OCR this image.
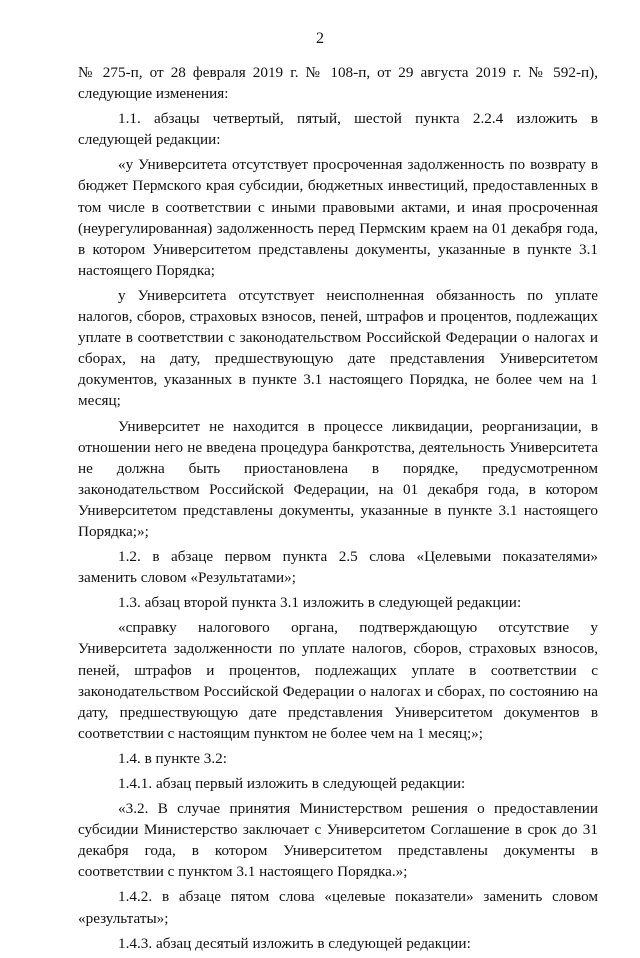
2

№ 275-п, от 28 февраля 2019 г. № 108-п, от 29 августа 2019 г. № 592-п), следующие изменения:

1.1. абзацы четвертый, пятый, шестой пункта 2.2.4 изложить в следующей редакции:

«у Университета отсутствует просроченная задолженность по возврату в бюджет Пермского края субсидии, бюджетных инвестиций, предоставленных в том числе в соответствии с иными правовыми актами, и иная просроченная (неурегулированная) задолженность перед Пермским краем на 01 декабря года, в котором Университетом представлены документы, указанные в пункте 3.1 настоящего Порядка;

у Университета отсутствует неисполненная обязанность по уплате налогов, сборов, страховых взносов, пеней, штрафов и процентов, подлежащих уплате в соответствии с законодательством Российской Федерации о налогах и сборах, на дату, предшествующую дате представления Университетом документов, указанных в пункте 3.1 настоящего Порядка, не более чем на 1 месяц;

Университет не находится в процессе ликвидации, реорганизации, в отношении него не введена процедура банкротства, деятельность Университета не должна быть приостановлена в порядке, предусмотренном законодательством Российской Федерации, на 01 декабря года, в котором Университетом представлены документы, указанные в пункте 3.1 настоящего Порядка;»;

1.2. в абзаце первом пункта 2.5 слова «Целевыми показателями» заменить словом «Результатами»;

1.3. абзац второй пункта 3.1 изложить в следующей редакции:

«справку налогового органа, подтверждающую отсутствие у Университета задолженности по уплате налогов, сборов, страховых взносов, пеней, штрафов и процентов, подлежащих уплате в соответствии с законодательством Российской Федерации о налогах и сборах, по состоянию на дату, предшествующую дате представления Университетом документов в соответствии с настоящим пунктом не более чем на 1 месяц;»;

1.4. в пункте 3.2:

1.4.1. абзац первый изложить в следующей редакции:

«3.2. В случае принятия Министерством решения о предоставлении субсидии Министерство заключает с Университетом Соглашение в срок до 31 декабря года, в котором Университетом представлены документы в соответствии с пунктом 3.1 настоящего Порядка.»;

1.4.2. в абзаце пятом слова «целевые показатели» заменить словом «результаты»;

1.4.3. абзац десятый изложить в следующей редакции:
